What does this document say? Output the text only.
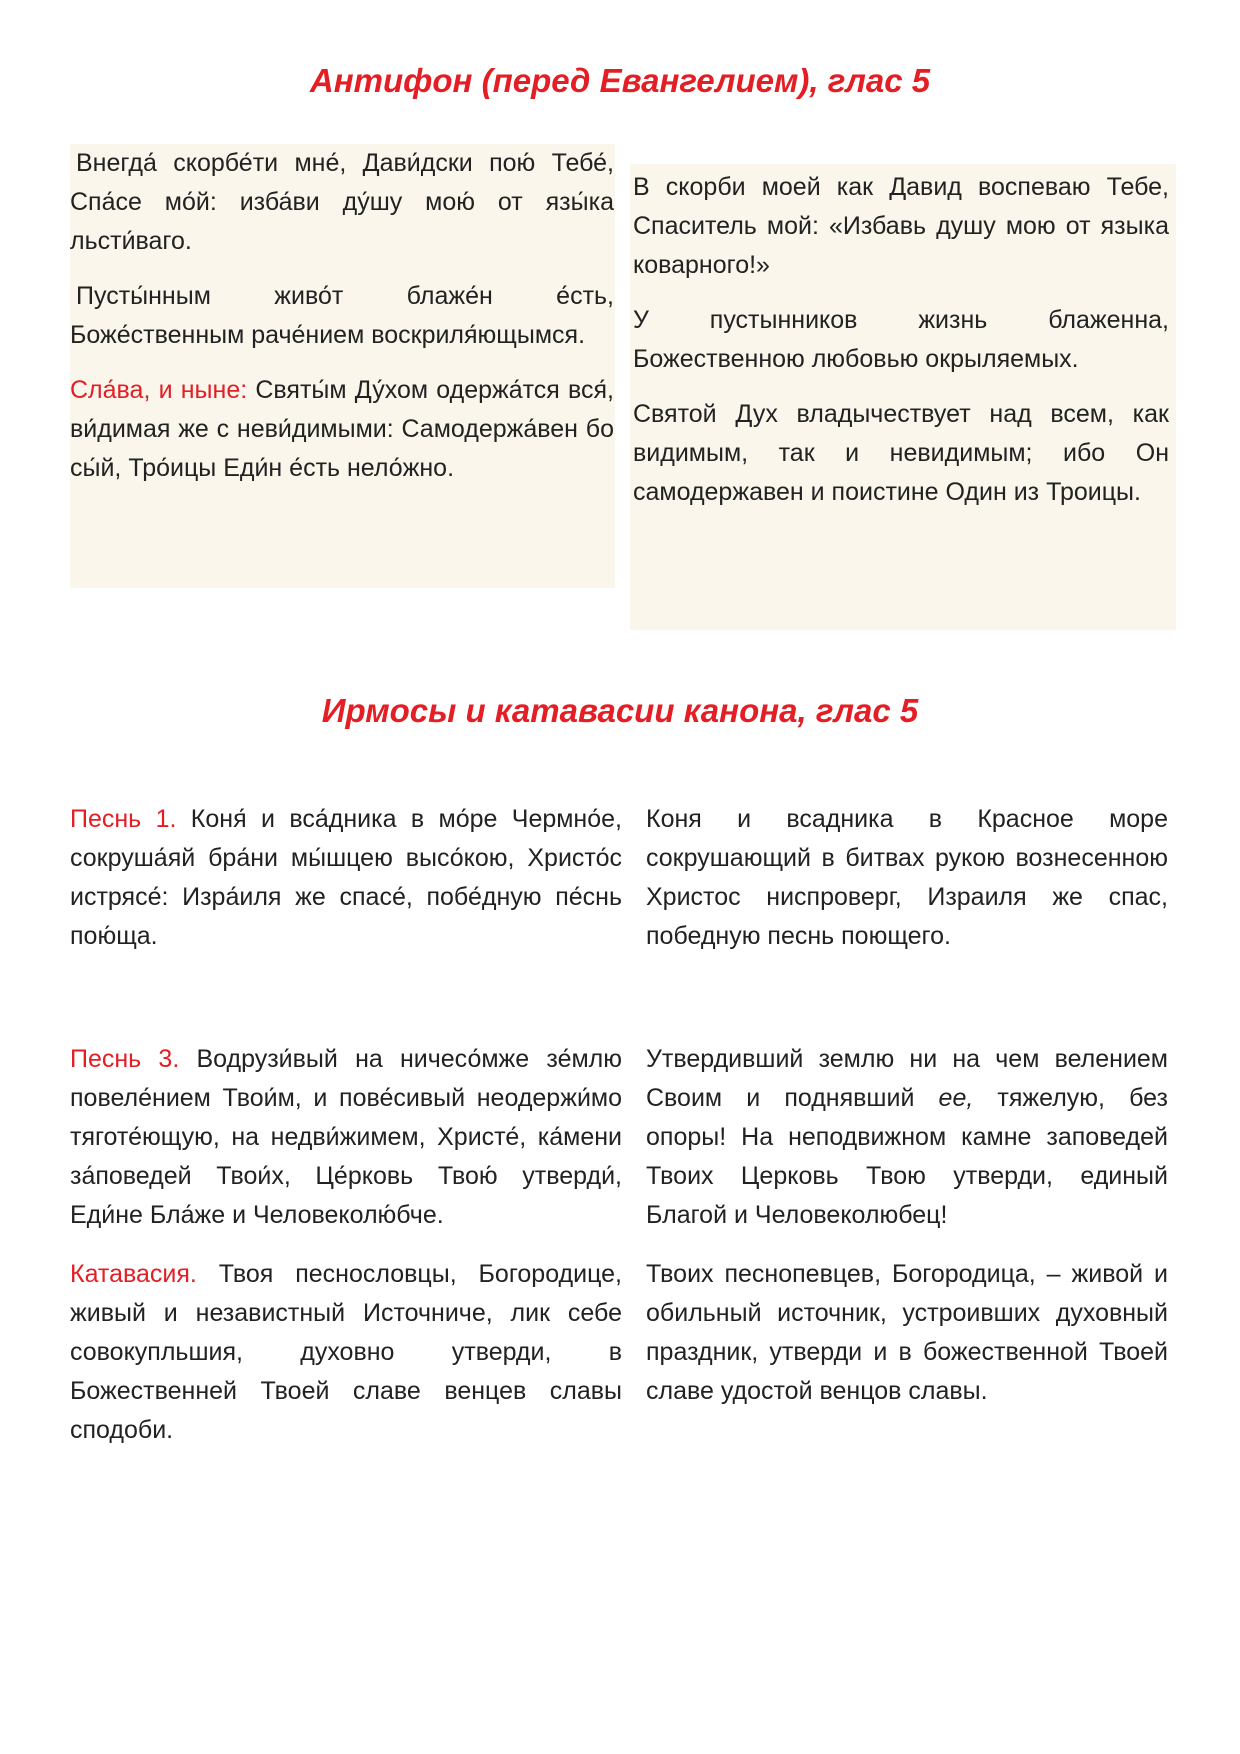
Антифон (перед Евангелием), глас 5

Внегда́ скорбе́ти мне́, Дави́дски пою́ Тебе́, Спа́се мо́й: изба́ви ду́шу мою́ от язы́ка льсти́ваго.

Пусты́нным живо́т блаже́н е́сть, Боже́ственным раче́нием воскриля́ющымся.

Сла́ва, и ныне: Святы́м Ду́хом одержа́тся вся́, ви́димая же с неви́димыми: Самодержа́вен бо сы́й, Тро́ицы Еди́н е́сть нело́жно.

В скорби моей как Давид воспеваю Тебе, Спаситель мой: «Избавь душу мою от языка коварного!»

У пустынников жизнь блаженна, Божественною любовью окрыляемых.

Святой Дух владычествует над всем, как видимым, так и невидимым; ибо Он самодержавен и поистине Один из Троицы.

Ирмосы и катавасии канона, глас 5

Песнь 1. Коня́ и вса́дника в мо́ре Чермно́е, сокруша́яй бра́ни мы́шцею высо́кою, Христо́с истрясе́: Изра́иля же спасе́, побе́дную пе́снь пою́ща.

Коня и всадника в Красное море сокрушающий в битвах рукою вознесенною Христос ниспроверг, Израиля же спас, победную песнь поющего.

Песнь 3. Водрузи́вый на ничесо́мже зе́млю повеле́нием Твои́м, и пове́сивый неодержи́мо тяготе́ющую, на недви́жимем, Христе́, ка́мени за́поведей Твои́х, Це́рковь Твою́ утверди́, Еди́не Бла́же и Человеколю́бче.

Катавасия. Твоя песнословцы, Богородице, живый и независтный Источниче, лик себе совокупльшия, духовно утверди, в Божественней Твоей славе венцев славы сподоби.

Утвердивший землю ни на чем велением Своим и поднявший ее, тяжелую, без опоры! На неподвижном камне заповедей Твоих Церковь Твою утверди, единый Благой и Человеколюбец!

Твоих песнопевцев, Богородица, – живой и обильный источник, устроивших духовный праздник, утверди и в божественной Твоей славе удостой венцов славы.
